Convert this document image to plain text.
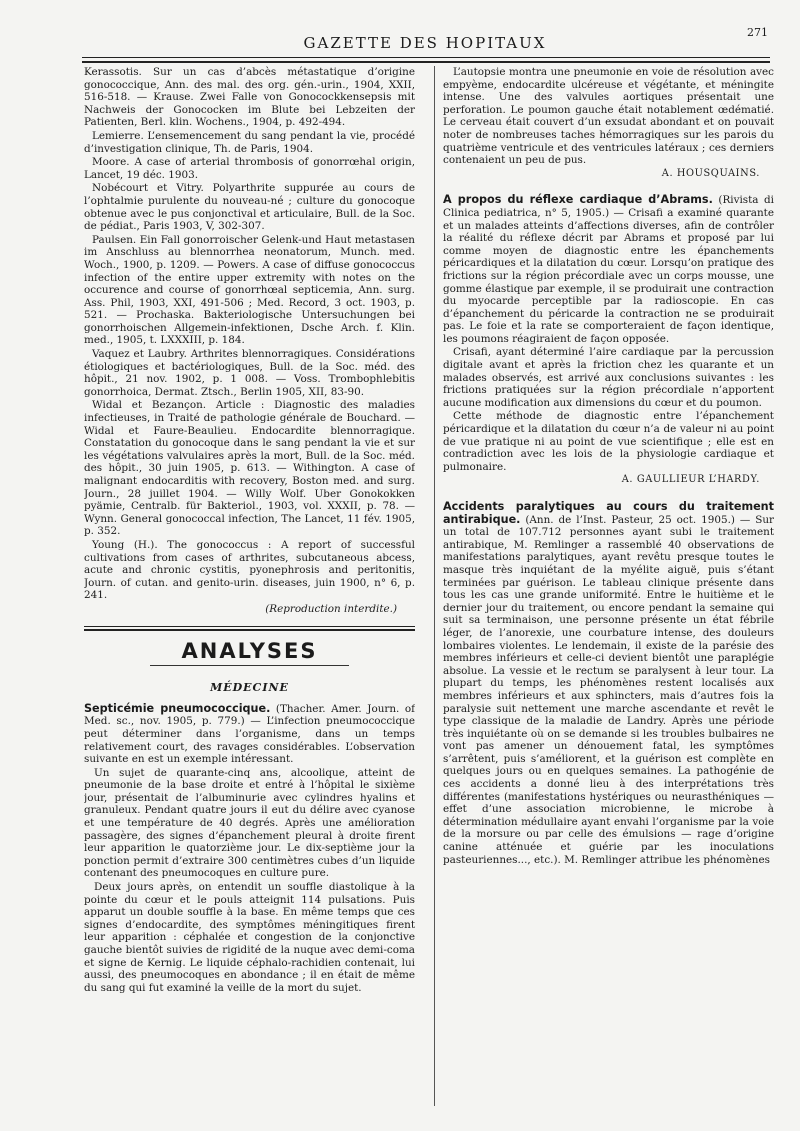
GAZETTE DES HOPITAUX
271

Kerassotis. Sur un cas d’abcès métastatique d’origine gonococcique, Ann. des mal. des org. gén.-urin., 1904, XXII, 516-518. — Krause. Zwei Falle von Gonocockkensepsis mit Nachweis der Gonococken im Blute bei Lebzeiten der Patienten, Berl. klin. Wochens., 1904, p. 492-494.

Lemierre. L’ensemencement du sang pendant la vie, procédé d’investigation clinique, Th. de Paris, 1904.

Moore. A case of arterial thrombosis of gonorrœhal origin, Lancet, 19 déc. 1903.

Nobécourt et Vitry. Polyarthrite suppurée au cours de l’ophtalmie purulente du nouveau-né ; culture du gonocoque obtenue avec le pus conjonctival et articulaire, Bull. de la Soc. de pédiat., Paris 1903, V, 302-307.

Paulsen. Ein Fall gonorroischer Gelenk-und Haut metastasen im Anschluss au blennorrhea neonatorum, Munch. med. Woch., 1900, p. 1209. — Powers. A case of diffuse gonococcus infection of the entire upper extremity with notes on the occurence and course of gonorrhœal septicemia, Ann. surg. Ass. Phil, 1903, XXI, 491-506 ; Med. Record, 3 oct. 1903, p. 521. — Prochaska. Bakteriologische Untersuchungen bei gonorrhoischen Allgemein-infektionen, Dsche Arch. f. Klin. med., 1905, t. LXXXIII, p. 184.

Vaquez et Laubry. Arthrites blennorragiques. Considérations étiologiques et bactériologiques, Bull. de la Soc. méd. des hôpit., 21 nov. 1902, p. 1 008. — Voss. Trombophlebitis gonorrhoica, Dermat. Ztsch., Berlin 1905, XII, 83-90.

Widal et Bezançon. Article : Diagnostic des maladies infectieuses, in Traité de pathologie générale de Bouchard. — Widal et Faure-Beaulieu. Endocardite blennorragique. Constatation du gonocoque dans le sang pendant la vie et sur les végétations valvulaires après la mort, Bull. de la Soc. méd. des hôpit., 30 juin 1905, p. 613. — Withington. A case of malignant endocarditis with recovery, Boston med. and surg. Journ., 28 juillet 1904. — Willy Wolf. Uber Gonokokken pyämie, Centralb. für Bakteriol., 1903, vol. XXXII, p. 78. — Wynn. General gonococcal infection, The Lancet, 11 fév. 1905, p. 352.

Young (H.). The gonococcus : A report of successful cultivations from cases of arthrites, subcutaneous abcess, acute and chronic cystitis, pyonephrosis and peritonitis, Journ. of cutan. and genito-urin. diseases, juin 1900, n° 6, p. 241.

(Reproduction interdite.)

ANALYSES
MÉDECINE

Septicémie pneumococcique. (Thacher. Amer. Journ. of Med. sc., nov. 1905, p. 779.) — L’infection pneumococcique peut déterminer dans l’organisme, dans un temps relativement court, des ravages considérables. L’observation suivante en est un exemple intéressant.

Un sujet de quarante-cinq ans, alcoolique, atteint de pneumonie de la base droite et entré à l’hôpital le sixième jour, présentait de l’albuminurie avec cylindres hyalins et granuleux. Pendant quatre jours il eut du délire avec cyanose et une température de 40 degrés. Après une amélioration passagère, des signes d’épanchement pleural à droite firent leur apparition le quatorzième jour. Le dix-septième jour la ponction permit d’extraire 300 centimètres cubes d’un liquide contenant des pneumocoques en culture pure.

Deux jours après, on entendit un souffle diastolique à la pointe du cœur et le pouls atteignit 114 pulsations. Puis apparut un double souffle à la base. En même temps que ces signes d’endocardite, des symptômes méningitiques firent leur apparition : céphalée et congestion de la conjonctive gauche bientôt suivies de rigidité de la nuque avec demi-coma et signe de Kernig. Le liquide céphalo-rachidien contenait, lui aussi, des pneumocoques en abondance ; il en était de même du sang qui fut examiné la veille de la mort du sujet.

L’autopsie montra une pneumonie en voie de résolution avec empyème, endocardite ulcéreuse et végétante, et méningite intense. Une des valvules aortiques présentait une perforation. Le poumon gauche était notablement œdématié. Le cerveau était couvert d’un exsudat abondant et on pouvait noter de nombreuses taches hémorragiques sur les parois du quatrième ventricule et des ventricules latéraux ; ces derniers contenaient un peu de pus.

A. HOUSQUAINS.

A propos du réflexe cardiaque d’Abrams. (Rivista di Clinica pediatrica, n° 5, 1905.) — Crisafi a examiné quarante et un malades atteints d’affections diverses, afin de contrôler la réalité du réflexe décrit par Abrams et proposé par lui comme moyen de diagnostic entre les épanchements péricardiques et la dilatation du cœur. Lorsqu’on pratique des frictions sur la région précordiale avec un corps mousse, une gomme élastique par exemple, il se produirait une contraction du myocarde perceptible par la radioscopie. En cas d’épanchement du péricarde la contraction ne se produirait pas. Le foie et la rate se comporteraient de façon identique, les poumons réagiraient de façon opposée.

Crisafi, ayant déterminé l’aire cardiaque par la percussion digitale avant et après la friction chez les quarante et un malades observés, est arrivé aux conclusions suivantes : les frictions pratiquées sur la région précordiale n’apportent aucune modification aux dimensions du cœur et du poumon.

Cette méthode de diagnostic entre l’épanchement péricardique et la dilatation du cœur n’a de valeur ni au point de vue pratique ni au point de vue scientifique ; elle est en contradiction avec les lois de la physiologie cardiaque et pulmonaire.

A. GAULLIEUR L’HARDY.

Accidents paralytiques au cours du traitement antirabique. (Ann. de l’Inst. Pasteur, 25 oct. 1905.) — Sur un total de 107.712 personnes ayant subi le traitement antirabique, M. Remlinger a rassemblé 40 observations de manifestations paralytiques, ayant revêtu presque toutes le masque très inquiétant de la myélite aiguë, puis s’étant terminées par guérison. Le tableau clinique présente dans tous les cas une grande uniformité. Entre le huitième et le dernier jour du traitement, ou encore pendant la semaine qui suit sa terminaison, une personne présente un état fébrile léger, de l’anorexie, une courbature intense, des douleurs lombaires violentes. Le lendemain, il existe de la parésie des membres inférieurs et celle-ci devient bientôt une paraplégie absolue. La vessie et le rectum se paralysent à leur tour. La plupart du temps, les phénomènes restent localisés aux membres inférieurs et aux sphincters, mais d’autres fois la paralysie suit nettement une marche ascendante et revêt le type classique de la maladie de Landry. Après une période très inquiétante où on se demande si les troubles bulbaires ne vont pas amener un dénouement fatal, les symptômes s’arrêtent, puis s’améliorent, et la guérison est complète en quelques jours ou en quelques semaines. La pathogénie de ces accidents a donné lieu à des interprétations très différentes (manifestations hystériques ou neurasthéniques — effet d’une association microbienne, le microbe à détermination médullaire ayant envahi l’organisme par la voie de la morsure ou par celle des émulsions — rage d’origine canine atténuée et guérie par les inoculations pasteuriennes..., etc.). M. Remlinger attribue les phénomènes
